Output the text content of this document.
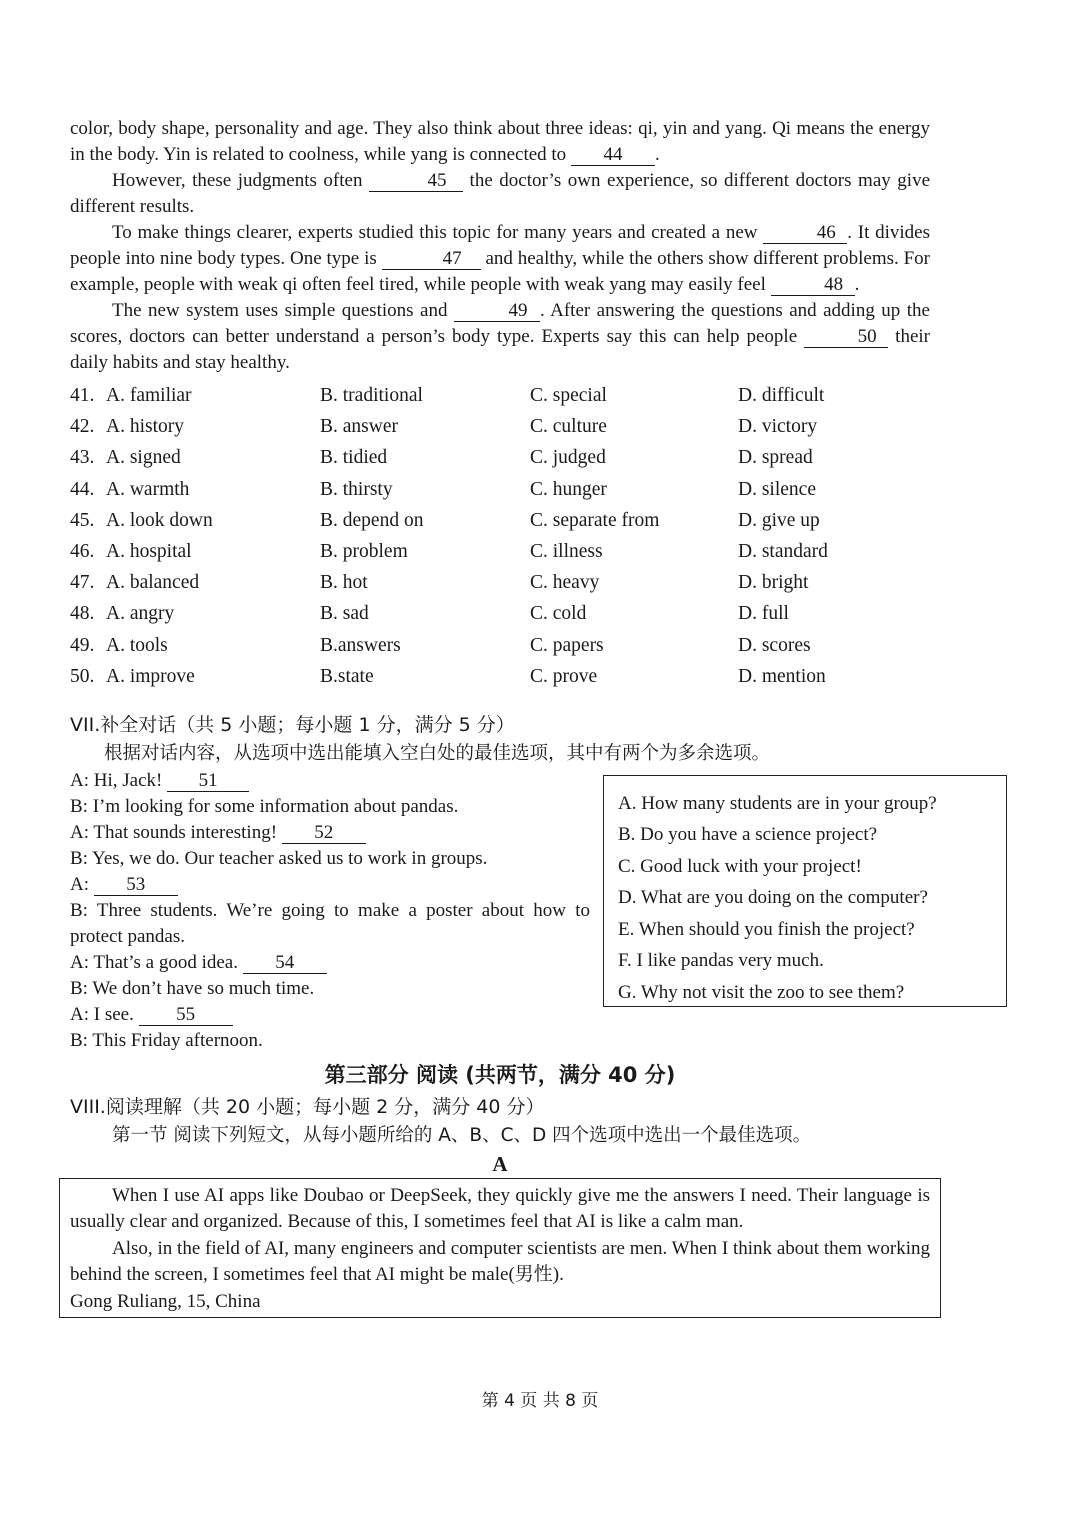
color, body shape, personality and age. They also think about three ideas: qi, yin and yang. Qi means the energy in the body. Yin is related to coolness, while yang is connected to 44 .

However, these judgments often	45 the doctor’s own experience, so different doctors may give different results.

To make things clearer, experts studied this topic for many years and created a new	46 . It divides people into nine body types. One type is	47 and healthy, while the others show different problems. For example, people with weak qi often feel tired, while people with weak yang may easily feel	48 .

The new system uses simple questions and	49 . After answering the questions and adding up the scores, doctors can better understand a person’s body type. Experts say this can help people	50 their daily habits and stay healthy.

41. A. familiar	B. traditional	C. special	D. difficult
42. A. history	B. answer	C. culture	D. victory
43. A. signed	B. tidied	C. judged	D. spread
44. A. warmth	B. thirsty	C. hunger	D. silence
45. A. look down	B. depend on	C. separate from	D. give up
46. A. hospital	B. problem	C. illness	D. standard
47. A. balanced	B. hot	C. heavy	D. bright
48. A. angry	B. sad	C. cold	D. full
49. A. tools	B.answers	C. papers	D. scores
50. A. improve	B.state	C. prove	D. mention

VII.补全对话（共 5 小题；每小题 1 分，满分 5 分）

根据对话内容，从选项中选出能填入空白处的最佳选项，其中有两个为多余选项。

A: Hi, Jack! 51

B: I’m looking for some information about pandas.

A: That sounds interesting! 52

B: Yes, we do. Our teacher asked us to work in groups.

A: 53

B: Three students. We’re going to make a poster about how to protect pandas.

A: That’s a good idea. 54

B: We don’t have so much time.

A: I see. 55

B: This Friday afternoon.

A. How many students are in your group?

B. Do you have a science project?

C. Good luck with your project!

D. What are you doing on the computer?

E. When should you finish the project?

F. I like pandas very much.

G. Why not visit the zoo to see them?

第三部分 阅读 (共两节，满分 40 分)

VIII.阅读理解（共 20 小题；每小题 2 分，满分 40 分）

第一节 阅读下列短文，从每小题所给的 A、B、C、D 四个选项中选出一个最佳选项。

A

When I use AI apps like Doubao or DeepSeek, they quickly give me the answers I need. Their language is usually clear and organized. Because of this, I sometimes feel that AI is like a calm man.

Also, in the field of AI, many engineers and computer scientists are men. When I think about them working behind the screen, I sometimes feel that AI might be male(男性).

Gong Ruliang, 15, China

第 4 页 共 8 页
